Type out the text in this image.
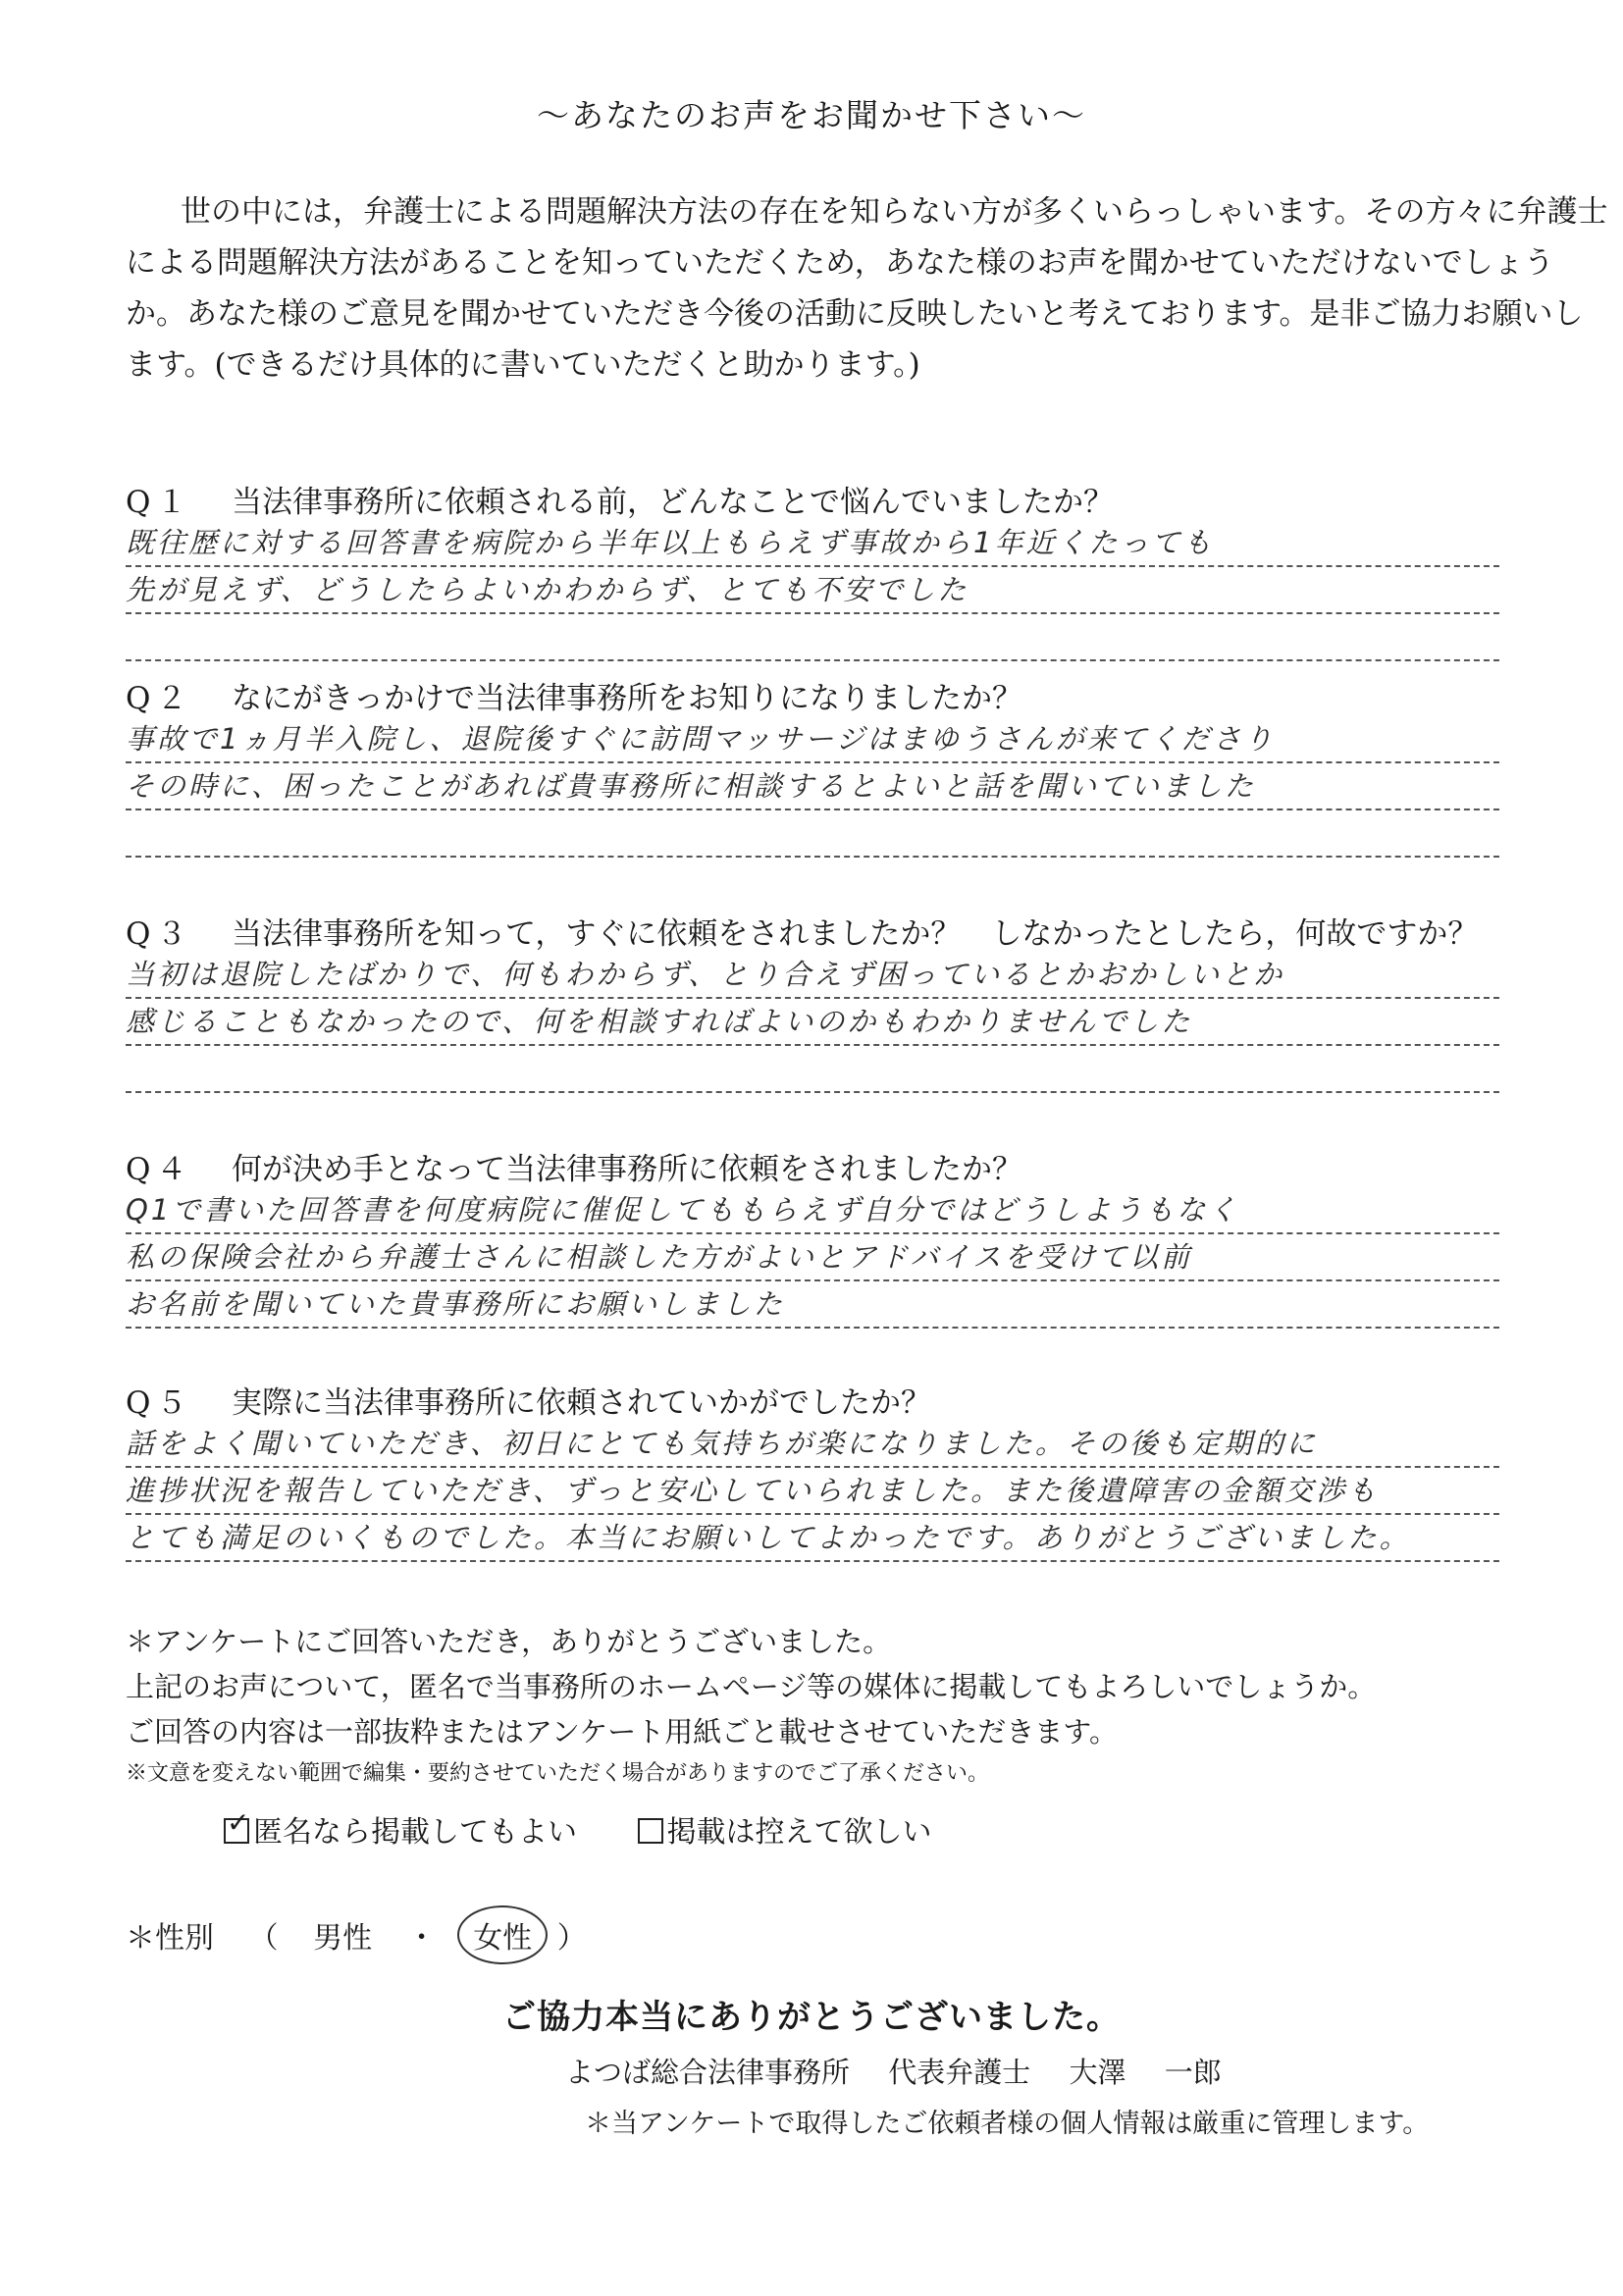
～あなたのお声をお聞かせ下さい～

世の中には，弁護士による問題解決方法の存在を知らない方が多くいらっしゃいます。その方々に弁護士

による問題解決方法があることを知っていただくため，あなた様のお声を聞かせていただけないでしょう

か。あなた様のご意見を聞かせていただき今後の活動に反映したいと考えております。是非ご協力お願いし

ます。(できるだけ具体的に書いていただくと助かります。)

Q１ 当法律事務所に依頼される前，どんなことで悩んでいましたか？
既往歴に対する回答書を病院から半年以上もらえず事故から1年近くたっても
先が見えず、どうしたらよいかわからず、とても不安でした
Q２ なにがきっかけで当法律事務所をお知りになりましたか？
事故で1ヵ月半入院し、退院後すぐに訪問マッサージはまゆうさんが来てくださり
その時に、困ったことがあれば貴事務所に相談するとよいと話を聞いていました
Q３ 当法律事務所を知って，すぐに依頼をされましたか？　しなかったとしたら，何故ですか？
当初は退院したばかりで、何もわからず、とり合えず困っているとかおかしいとか
感じることもなかったので、何を相談すればよいのかもわかりませんでした
Q４ 何が決め手となって当法律事務所に依頼をされましたか？
Q1で書いた回答書を何度病院に催促してももらえず自分ではどうしようもなく
私の保険会社から弁護士さんに相談した方がよいとアドバイスを受けて以前
お名前を聞いていた貴事務所にお願いしました
Q５ 実際に当法律事務所に依頼されていかがでしたか？
話をよく聞いていただき、初日にとても気持ちが楽になりました。その後も定期的に
進捗状況を報告していただき、ずっと安心していられました。また後遺障害の金額交渉も
とても満足のいくものでした。本当にお願いしてよかったです。ありがとうございました。

＊アンケートにご回答いただき，ありがとうございました。

上記のお声について，匿名で当事務所のホームページ等の媒体に掲載してもよろしいでしょうか。

ご回答の内容は一部抜粋またはアンケート用紙ごと載せさせていただきます。

※文意を変えない範囲で編集・要約させていただく場合がありますのでご了承ください。

✓匿名なら掲載してもよい	掲載は控えて欲しい
＊性別 （ 男性 ・ 女性 ）
ご協力本当にありがとうございました。
よつば総合法律事務所 代表弁護士 大澤 一郎
＊当アンケートで取得したご依頼者様の個人情報は厳重に管理します。
